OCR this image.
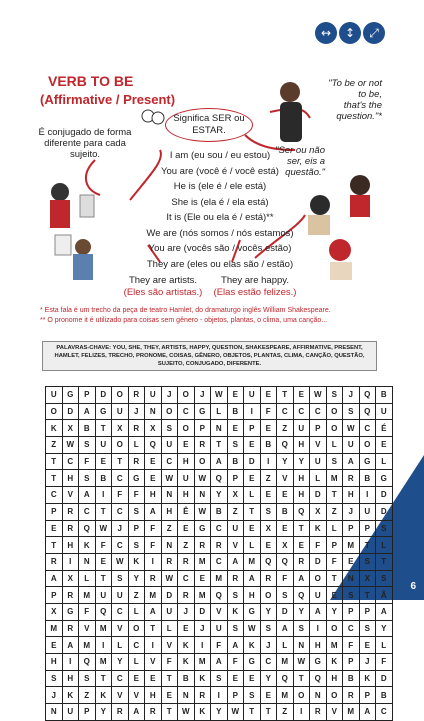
↔	↕	⤢
VERB TO BE
(Affirmative / Present)
É conjugado de forma diferente para cada sujeito.
Significa SER ou
ESTAR.
"To be or not
to be,
that's the
question."*
"Ser ou não
ser, eis a
questão."
I am (eu sou / eu estou)
You are (você é / você está)
He is (ele é / ele está)
She is (ela é / ela está)
It is (Ele ou ela é / está)**
We are (nós somos / nós estamos)
You are (vocês são / vocês estão)
They are (eles ou elas são / estão)
They are artists.
(Eles são artistas.)
They are happy.
(Elas estão felizes.)
* Esta fala é um trecho da peça de teatro Hamlet, do dramaturgo inglês William Shakespeare.
** O pronome it é utilizado para coisas sem gênero - objetos, plantas, o clima, uma canção...
PALAVRAS-CHAVE: YOU, SHE, THEY, ARTISTS, HAPPY, QUESTION, SHAKESPEARE, AFFIRMATIVE, PRESENT, HAMLET, FELIZES, TRECHO, PRONOME, COISAS, GÊNERO, OBJETOS, PLANTAS, CLIMA, CANÇÃO, QUESTÃO, SUJEITO, CONJUGADO, DIFERENTE.
U	G	P	D	O	R	U	J	O	J	W	E	U	E	T	E	W	S	J	Q	B
O	D	A	G	U	J	N	O	C	G	L	B	I	F	C	C	C	O	S	Q	U
K	X	B	T	X	R	X	S	O	P	N	E	P	E	Z	U	P	O	W	C	É
Z	W	S	U	O	L	Q	U	E	R	T	S	E	B	Q	H	V	L	U	O	E
T	C	F	E	T	R	E	C	H	O	A	B	D	I	Y	Y	U	S	A	G	L
T	H	S	B	C	G	E	W	U	W	Q	P	E	Z	V	H	L	M	R	B	G
C	V	A	I	F	F	H	N	H	N	Y	X	L	E	E	H	D	T	H	I	D
P	R	C	T	C	S	A	H	Ê	W	B	Z	T	S	B	Q	X	Z	J	U	D
E	R	Q	W	J	P	F	Z	E	G	C	U	E	X	E	T	K	L	P	P	S
T	H	K	F	C	S	F	N	Z	R	R	V	L	E	X	E	F	P	M	T	L
R	I	N	E	W	K	I	R	R	M	C	A	M	Q	Q	R	D	F	E	S	T
A	X	L	T	S	Y	R	W	C	E	M	R	A	R	F	A	O	T	N	X	S
P	R	M	U	U	Z	M	D	R	M	Q	S	H	O	S	Q	U	E	S	T	Ã
X	G	F	Q	C	L	A	U	J	D	V	K	G	Y	D	Y	A	Y	P	P	A
M	R	V	M	V	O	T	L	E	J	U	S	W	S	A	S	I	O	C	S	Y
E	A	M	I	L	C	I	V	K	I	F	A	K	J	L	N	H	M	F	E	L
H	I	Q	M	Y	L	V	F	K	M	A	F	G	C	M	W	G	K	P	J	F
S	H	S	T	C	E	E	T	B	K	S	E	E	Y	Q	T	Q	H	B	K	D
J	K	Z	K	V	V	H	E	N	R	I	P	S	E	M	O	N	O	R	P	B
N	U	P	Y	R	A	R	T	W	K	Y	W	T	T	Z	I	R	V	M	A	C
6
